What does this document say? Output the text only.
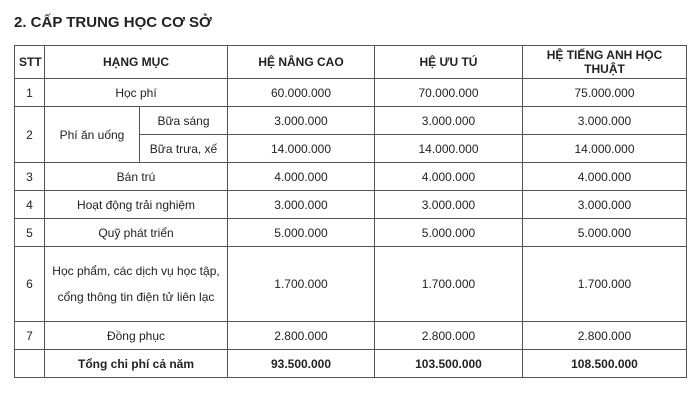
2. CẤP TRUNG HỌC CƠ SỞ
STT	HẠNG MỤC		HỆ NÂNG CAO	HỆ ƯU TÚ	HỆ TIẾNG ANH HỌC THUẬT
1	Học phí		60.000.000	70.000.000	75.000.000
2	Phí ăn uống	Bữa sáng	3.000.000	3.000.000	3.000.000
		Bữa trưa, xế	14.000.000	14.000.000	14.000.000
3	Bán trú		4.000.000	4.000.000	4.000.000
4	Hoạt động trải nghiệm		3.000.000	3.000.000	3.000.000
5	Quỹ phát triển		5.000.000	5.000.000	5.000.000
6	Học phẩm, các dịch vụ học tập,
cổng thông tin điện tử liên lạc		1.700.000	1.700.000	1.700.000
7	Đồng phục		2.800.000	2.800.000	2.800.000
	Tổng chi phí cả năm		93.500.000	103.500.000	108.500.000
